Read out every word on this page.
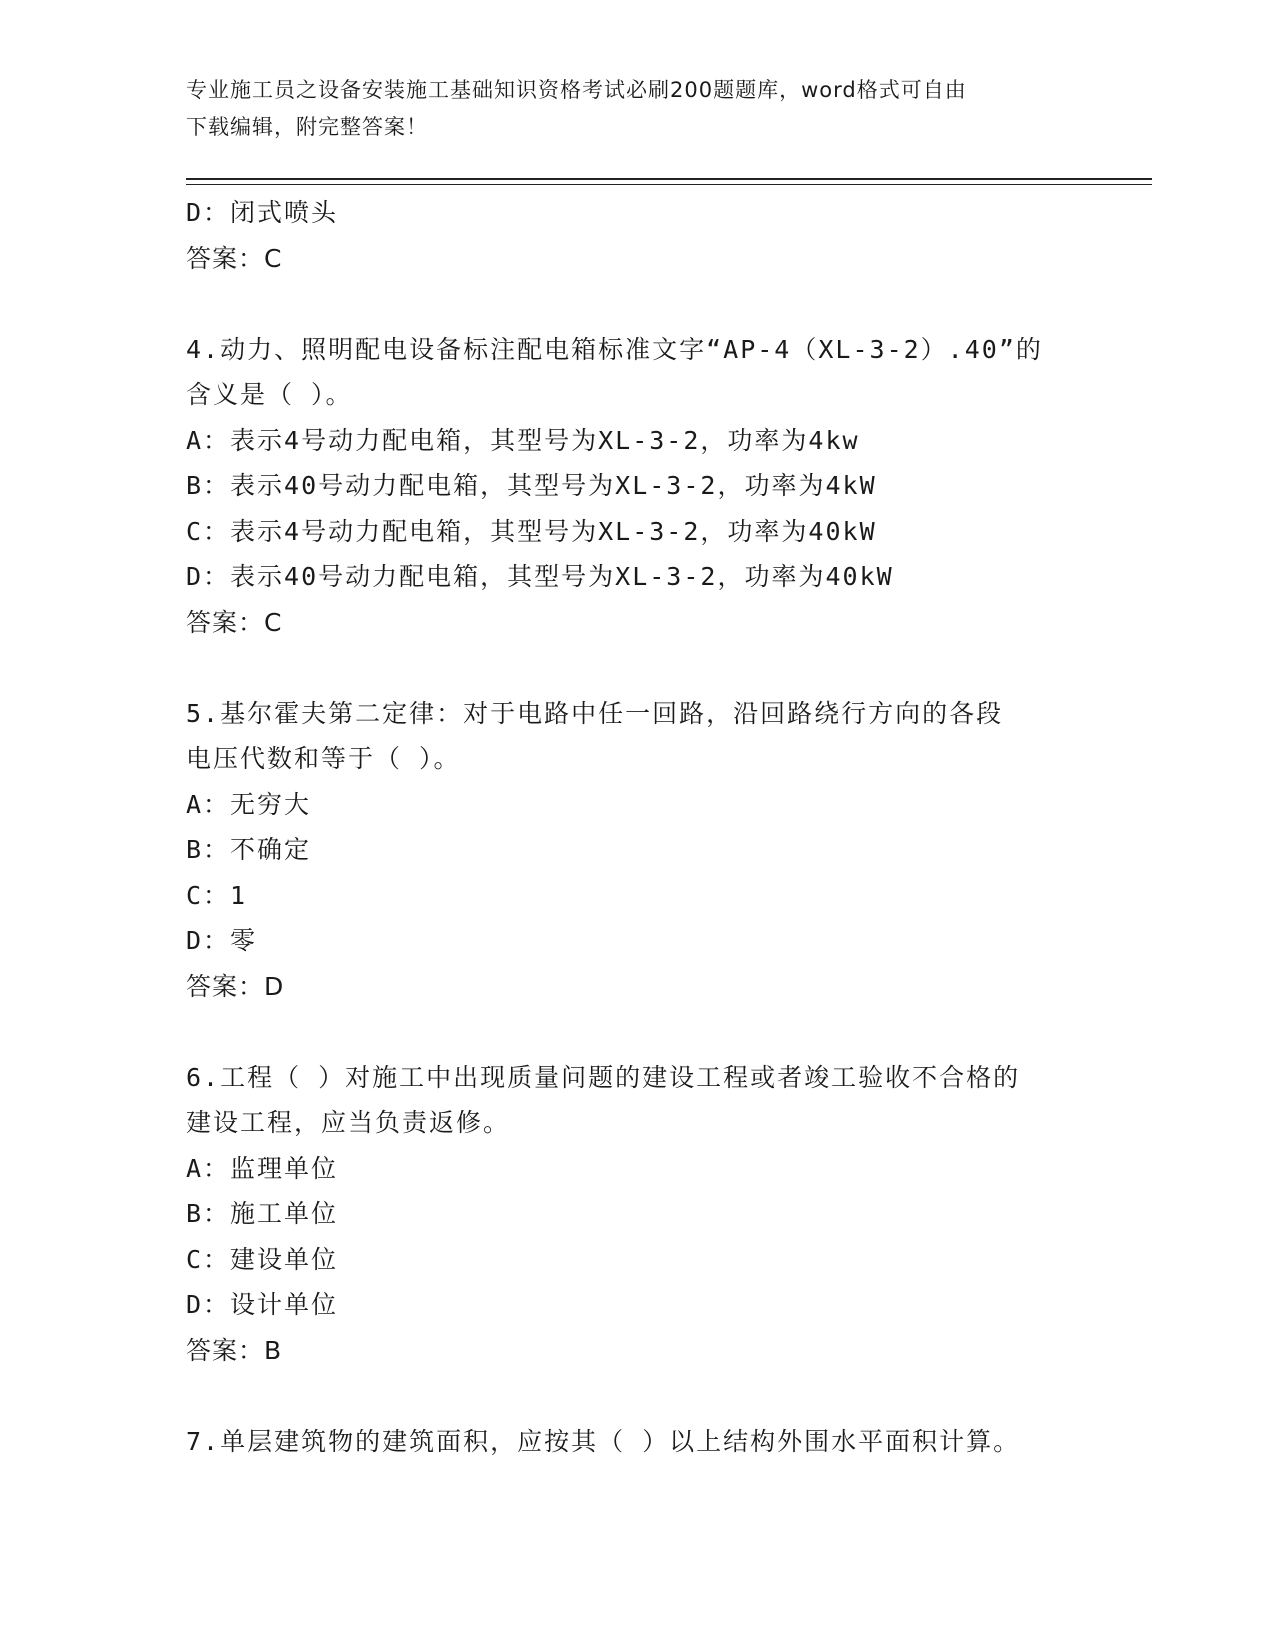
专业施工员之设备安装施工基础知识资格考试必刷200题题库，word格式可自由
下载编辑，附完整答案！
D：闭式喷头
答案：C
4.动力、照明配电设备标注配电箱标准文字“AP-4（XL-3-2）.40”的
含义是（ ）。
A：表示4号动力配电箱，其型号为XL-3-2，功率为4kw
B：表示40号动力配电箱，其型号为XL-3-2，功率为4kW
C：表示4号动力配电箱，其型号为XL-3-2，功率为40kW
D：表示40号动力配电箱，其型号为XL-3-2，功率为40kW
答案：C
5.基尔霍夫第二定律：对于电路中任一回路，沿回路绕行方向的各段
电压代数和等于（ ）。
A：无穷大
B：不确定
C：1
D：零
答案：D
6.工程（ ）对施工中出现质量问题的建设工程或者竣工验收不合格的
建设工程，应当负责返修。
A：监理单位
B：施工单位
C：建设单位
D：设计单位
答案：B
7.单层建筑物的建筑面积，应按其（ ）以上结构外围水平面积计算。
